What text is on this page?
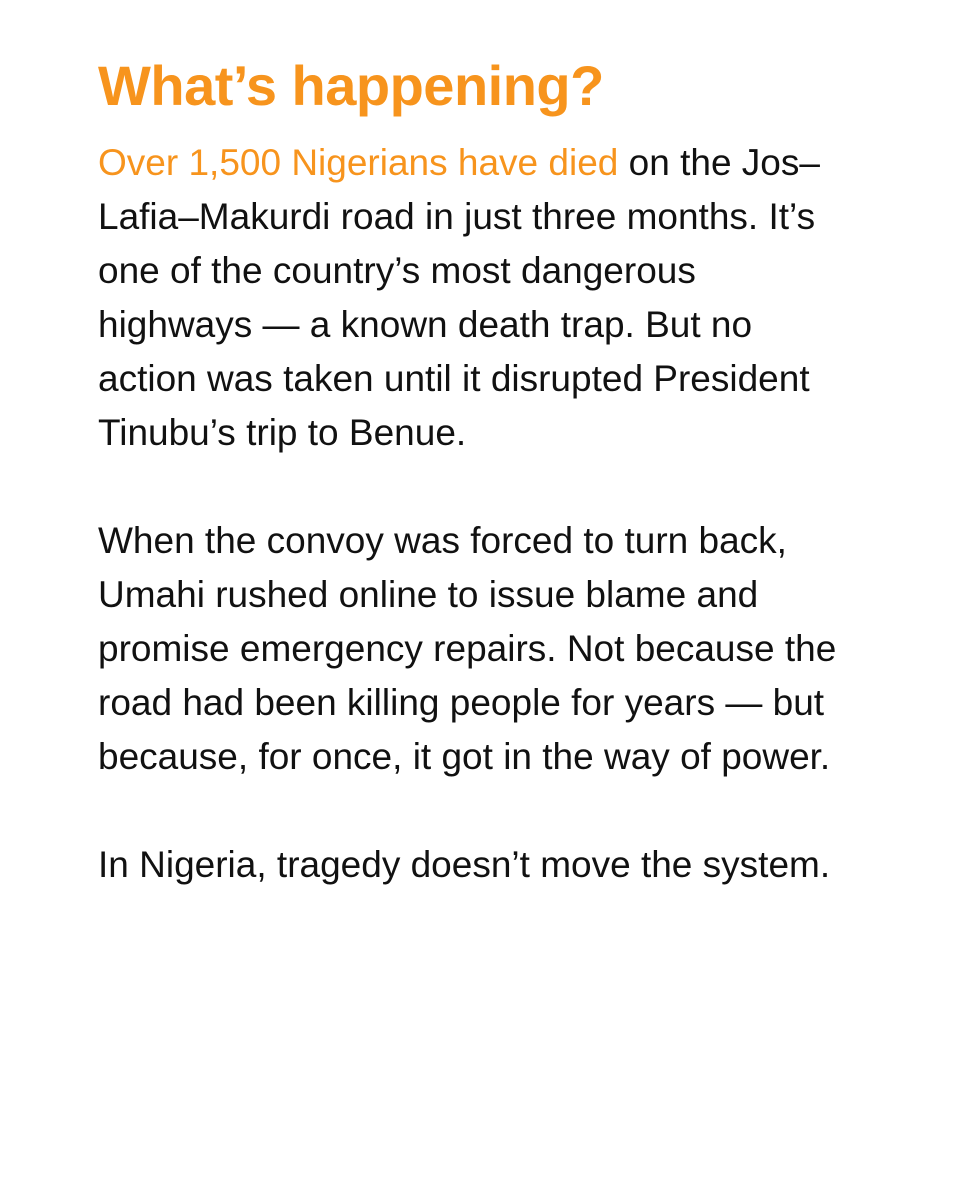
What’s happening?

Over 1,500 Nigerians have died on the Jos–Lafia–Makurdi road in just three months. It’s one of the country’s most dangerous highways — a known death trap. But no action was taken until it disrupted President Tinubu’s trip to Benue.

When the convoy was forced to turn back, Umahi rushed online to issue blame and promise emergency repairs. Not because the road had been killing people for years — but because, for once, it got in the way of power.

In Nigeria, tragedy doesn’t move the system.
